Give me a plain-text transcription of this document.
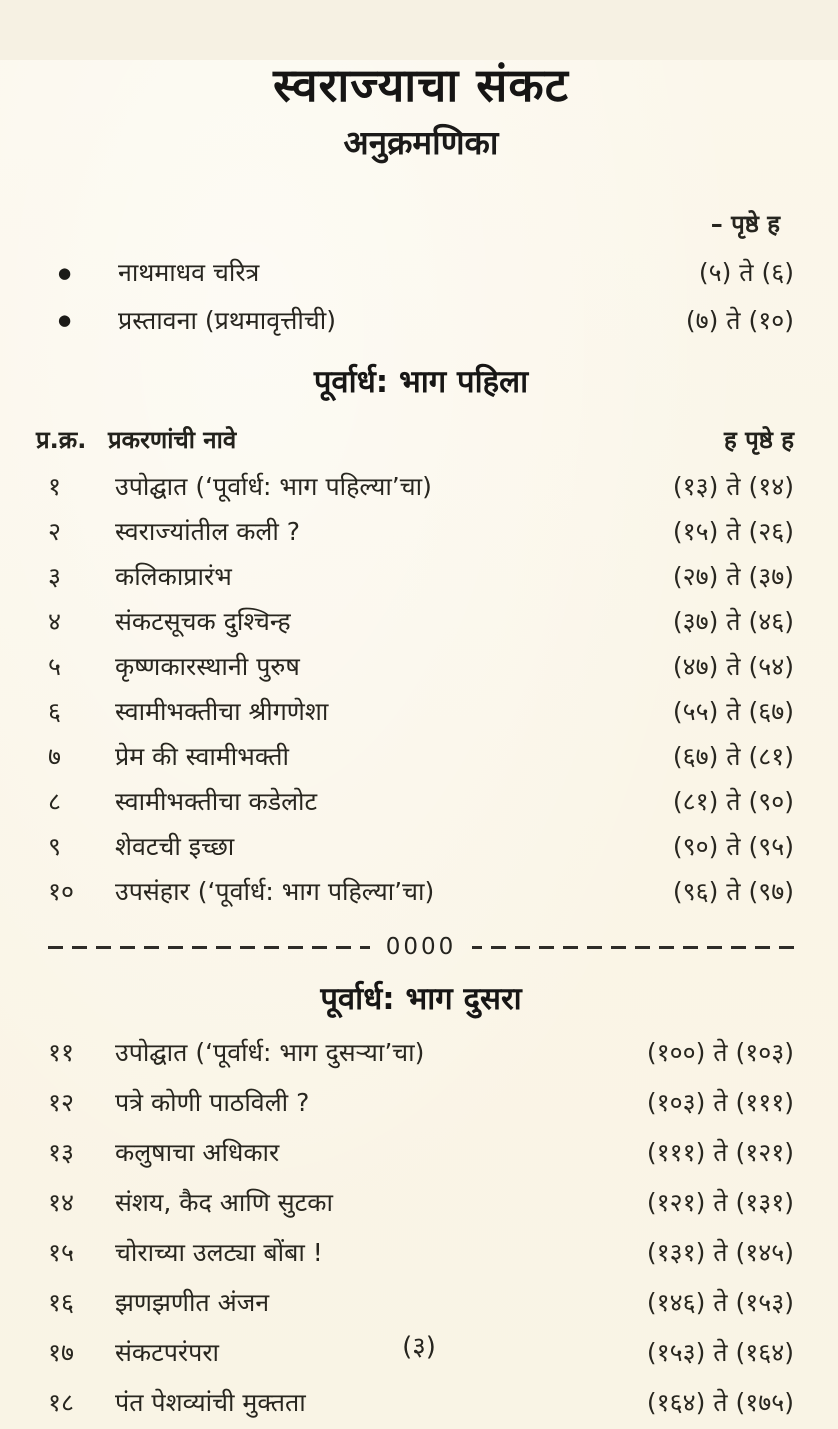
स्वराज्याचा संकट
अनुक्रमणिका
– पृष्ठे ह
●	नाथमाधव चरित्र	(५) ते (६)
●	प्रस्तावना (प्रथमावृत्तीची)	(७) ते (१०)
पूर्वार्ध: भाग पहिला
प्र.क्र. प्रकरणांची नावे	ह पृष्ठे ह
१	उपोद्घात (‘पूर्वार्ध: भाग पहिल्या’चा)	(१३) ते (१४)
२	स्वराज्यांतील कली ?	(१५) ते (२६)
३	कलिकाप्रारंभ	(२७) ते (३७)
४	संकटसूचक दुश्चिन्ह	(३७) ते (४६)
५	कृष्णकारस्थानी पुरुष	(४७) ते (५४)
६	स्वामीभक्तीचा श्रीगणेशा	(५५) ते (६७)
७	प्रेम की स्वामीभक्ती	(६७) ते (८१)
८	स्वामीभक्तीचा कडेलोट	(८१) ते (९०)
९	शेवटची इच्छा	(९०) ते (९५)
१०	उपसंहार (‘पूर्वार्ध: भाग पहिल्या’चा)	(९६) ते (९७)
0000
पूर्वार्ध: भाग दुसरा
११	उपोद्घात (‘पूर्वार्ध: भाग दुसऱ्या’चा)	(१००) ते (१०३)
१२	पत्रे कोणी पाठविली ?	(१०३) ते (१११)
१३	कलुषाचा अधिकार	(१११) ते (१२१)
१४	संशय, कैद आणि सुटका	(१२१) ते (१३१)
१५	चोराच्या उलट्या बोंबा !	(१३१) ते (१४५)
१६	झणझणीत अंजन	(१४६) ते (१५३)
१७	संकटपरंपरा	(१५३) ते (१६४)
१८	पंत पेशव्यांची मुक्तता	(१६४) ते (१७५)
(३)
